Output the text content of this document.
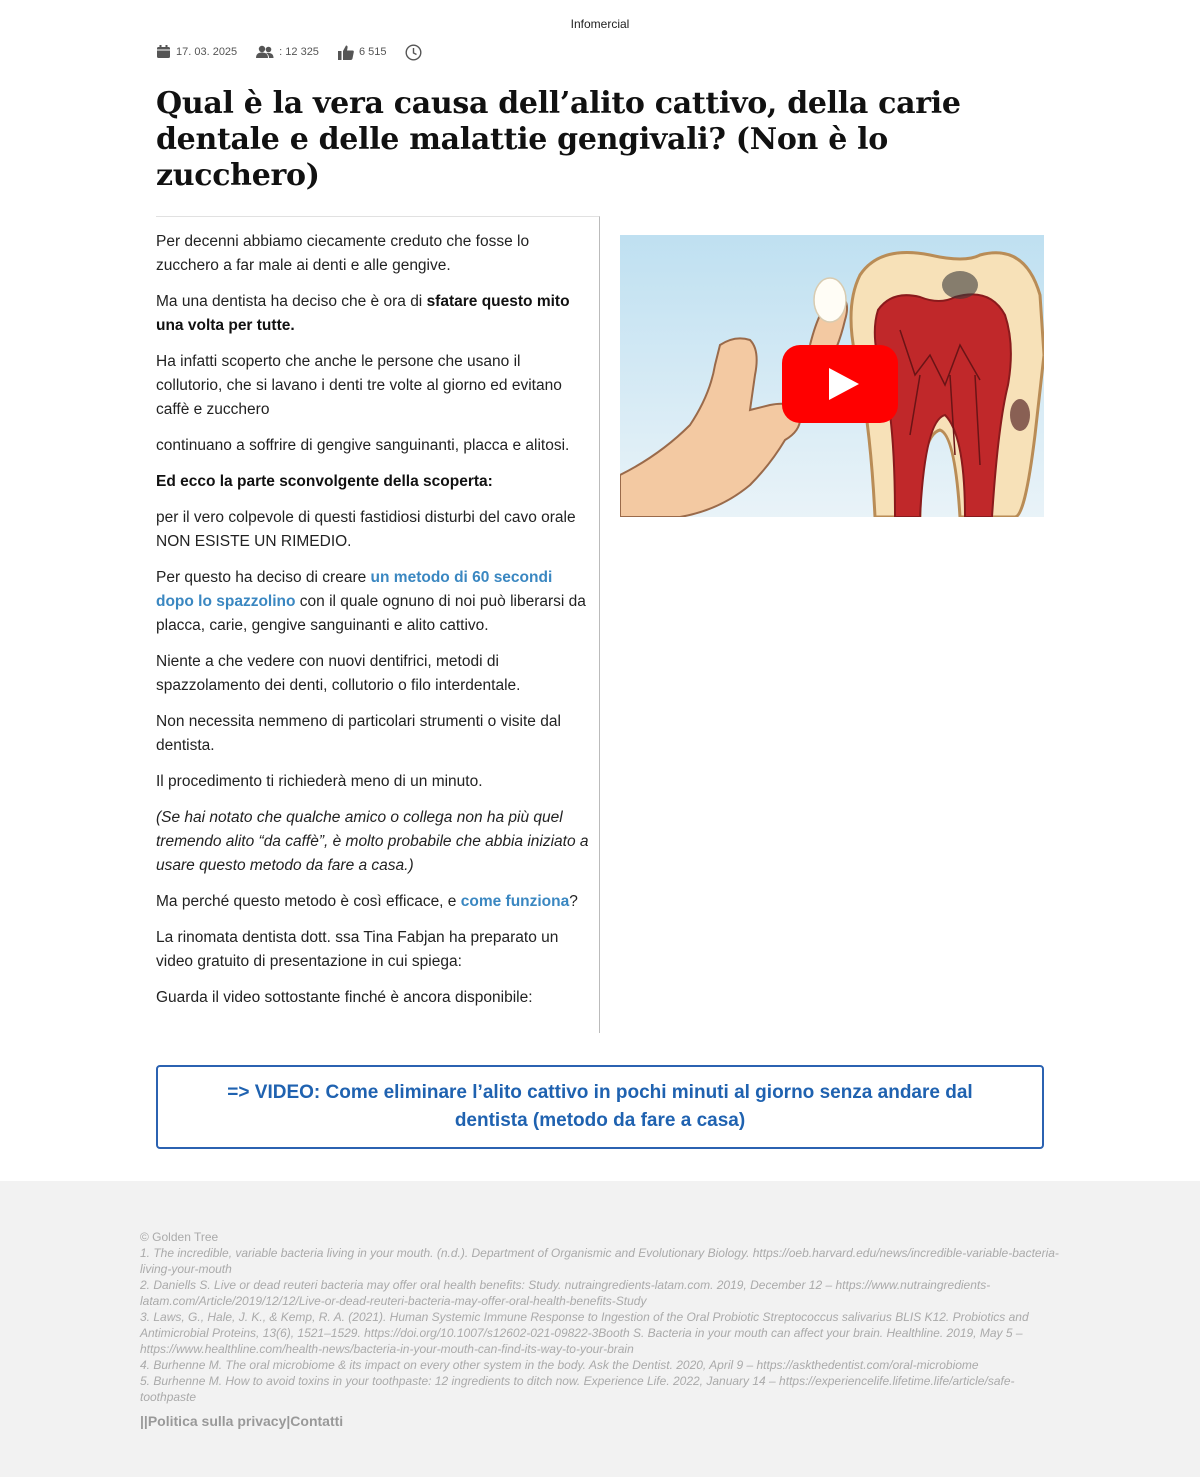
Infomercial
17. 03. 2025	: 12 325	6 515
Qual è la vera causa dell’alito cattivo, della carie dentale e delle malattie gengivali? (Non è lo zucchero)

Per decenni abbiamo ciecamente creduto che fosse lo zucchero a far male ai denti e alle gengive.

Ma una dentista ha deciso che è ora di sfatare questo mito una volta per tutte.

Ha infatti scoperto che anche le persone che usano il collutorio, che si lavano i denti tre volte al giorno ed evitano caffè e zucchero

continuano a soffrire di gengive sanguinanti, placca e alitosi.

Ed ecco la parte sconvolgente della scoperta:

per il vero colpevole di questi fastidiosi disturbi del cavo orale NON ESISTE UN RIMEDIO.

Per questo ha deciso di creare un metodo di 60 secondi dopo lo spazzolino con il quale ognuno di noi può liberarsi da placca, carie, gengive sanguinanti e alito cattivo.

Niente a che vedere con nuovi dentifrici, metodi di spazzolamento dei denti, collutorio o filo interdentale.

Non necessita nemmeno di particolari strumenti o visite dal dentista.

Il procedimento ti richiederà meno di un minuto.

(Se hai notato che qualche amico o collega non ha più quel tremendo alito “da caffè”, è molto probabile che abbia iniziato a usare questo metodo da fare a casa.)

Ma perché questo metodo è così efficace, e come funziona?

La rinomata dentista dott. ssa Tina Fabjan ha preparato un video gratuito di presentazione in cui spiega:

Guarda il video sottostante finché è ancora disponibile:

=> VIDEO: Come eliminare l’alito cattivo in pochi minuti al giorno senza andare dal dentista (metodo da fare a casa)
© Golden Tree

1. The incredible, variable bacteria living in your mouth. (n.d.). Department of Organismic and Evolutionary Biology. https://oeb.harvard.edu/news/incredible-variable-bacteria-living-your-mouth

2. Daniells S. Live or dead reuteri bacteria may offer oral health benefits: Study. nutraingredients-latam.com. 2019, December 12 – https://www.nutraingredients-latam.com/Article/2019/12/12/Live-or-dead-reuteri-bacteria-may-offer-oral-health-benefits-Study

3. Laws, G., Hale, J. K., & Kemp, R. A. (2021). Human Systemic Immune Response to Ingestion of the Oral Probiotic Streptococcus salivarius BLIS K12. Probiotics and Antimicrobial Proteins, 13(6), 1521–1529. https://doi.org/10.1007/s12602-021-09822-3Booth S. Bacteria in your mouth can affect your brain. Healthline. 2019, May 5 – https://www.healthline.com/health-news/bacteria-in-your-mouth-can-find-its-way-to-your-brain

4. Burhenne M. The oral microbiome & its impact on every other system in the body. Ask the Dentist. 2020, April 9 – https://askthedentist.com/oral-microbiome

5. Burhenne M. How to avoid toxins in your toothpaste: 12 ingredients to ditch now. Experience Life. 2022, January 14 – https://experiencelife.lifetime.life/article/safe-toothpaste

||Politica sulla privacy|Contatti
